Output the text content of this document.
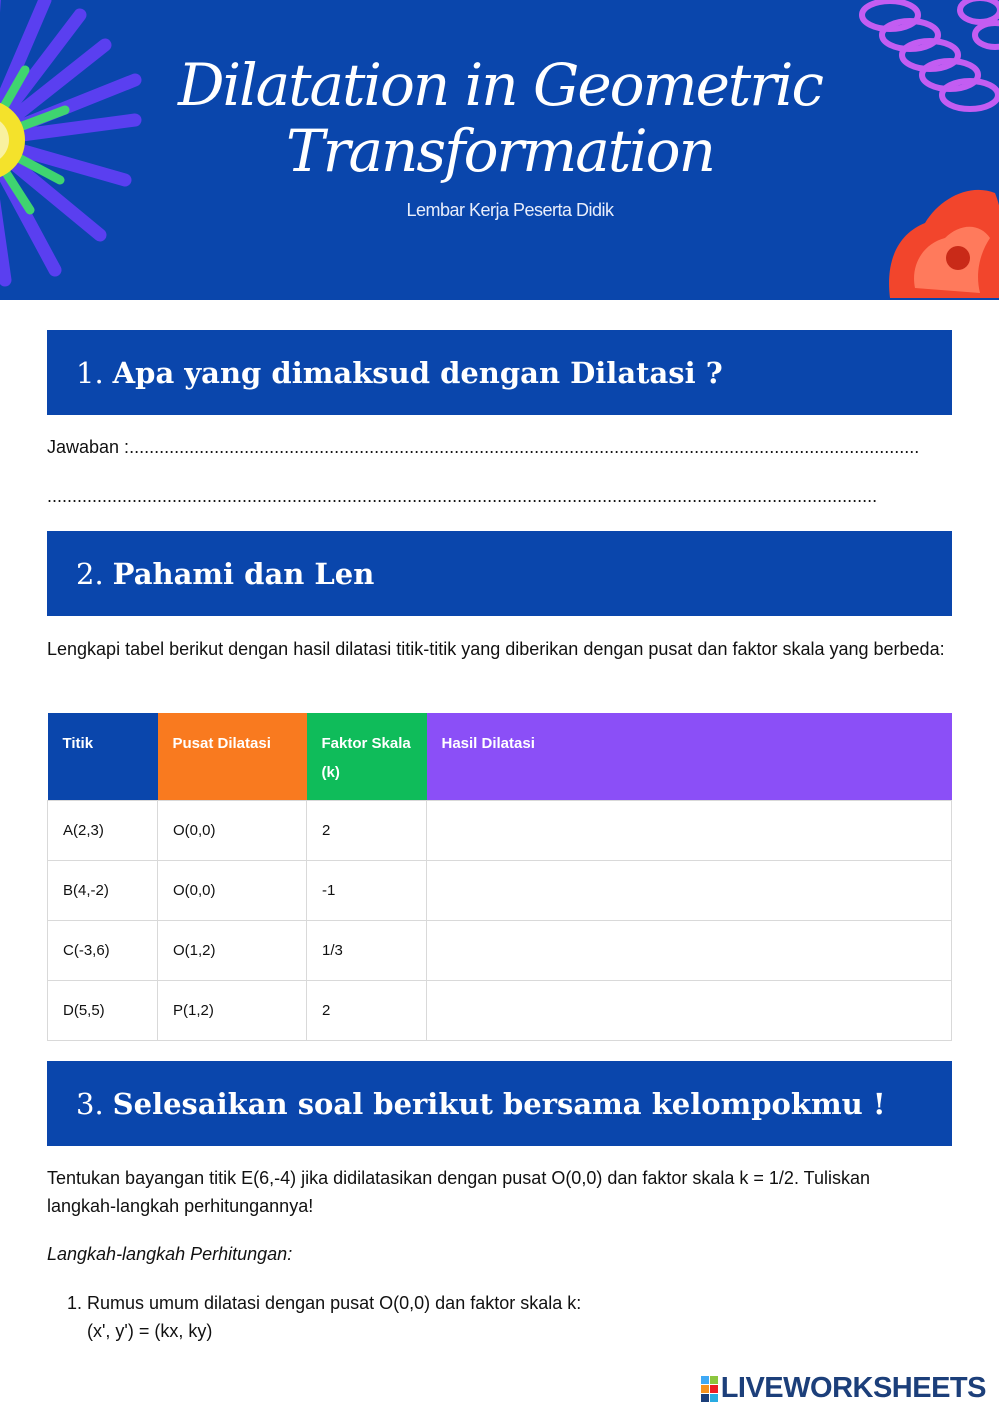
Dilatation in Geometric
Transformation
Lembar Kerja Peserta Didik
1. Apa yang dimaksud dengan Dilatasi ?
Jawaban :..............................................................................................................................................................
......................................................................................................................................................................
2. Pahami dan Len
Lengkapi tabel berikut dengan hasil dilatasi titik-titik yang diberikan dengan pusat dan faktor skala yang berbeda:
Titik	Pusat Dilatasi	Faktor Skala (k)	Hasil Dilatasi
A(2,3)	O(0,0)	2	
B(4,-2)	O(0,0)	-1	
C(-3,6)	O(1,2)	1/3	
D(5,5)	P(1,2)	2	
3. Selesaikan soal berikut bersama kelompokmu !
Tentukan bayangan titik E(6,-4) jika didilatasikan dengan pusat O(0,0) dan faktor skala k = 1/2. Tuliskan langkah-langkah perhitungannya!
Langkah-langkah Perhitungan:
1. Rumus umum dilatasi dengan pusat O(0,0) dan faktor skala k:
(x', y') = (kx, ky)
LIVEWORKSHEETS
